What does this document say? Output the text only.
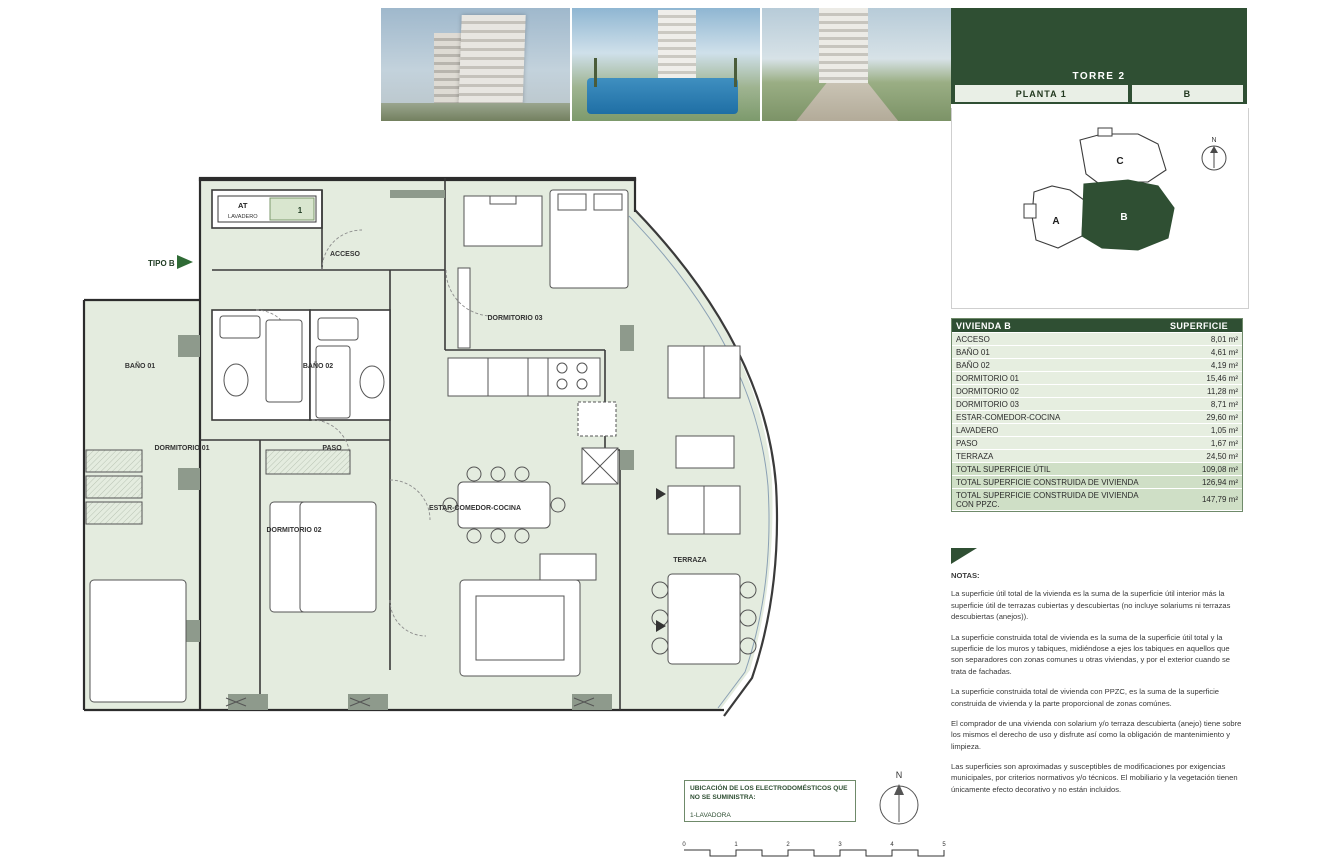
TORRE 2
PLANTA 1	B
C
A	B
N
VIVIENDA B	SUPERFICIE
ACCESO	8,01 m²
BAÑO 01	4,61 m²
BAÑO 02	4,19 m²
DORMITORIO 01	15,46 m²
DORMITORIO 02	11,28 m²
DORMITORIO 03	8,71 m²
ESTAR-COMEDOR-COCINA	29,60 m²
LAVADERO	1,05 m²
PASO	1,67 m²
TERRAZA	24,50 m²
TOTAL SUPERFICIE ÚTIL	109,08 m²
TOTAL SUPERFICIE CONSTRUIDA DE VIVIENDA	126,94 m²
TOTAL SUPERFICIE CONSTRUIDA DE VIVIENDA CON PPZC.	147,79 m²
NOTAS:

La superficie útil total de la vivienda es la suma de la superficie útil interior más la superficie útil de terrazas cubiertas y descubiertas (no incluye solariums ni terrazas descubiertas (anejos)).

La superficie construida total de vivienda es la suma de la superficie útil total y la superficie de los muros y tabiques, midiéndose a ejes los tabiques en aquellos que son separadores con zonas comunes u otras viviendas, y por el exterior cuando se trata de fachadas.

La superficie construida total de vivienda con PPZC, es la suma de la superficie construida de vivienda y la parte proporcional de zonas comúnes.

El comprador de una vivienda con solarium y/o terraza descubierta (anejo) tiene sobre los mismos el derecho de uso y disfrute así como la obligación de mantenimiento y limpieza.

Las superficies son aproximadas y susceptibles de modificaciones por exigencias municipales, por criterios normativos y/o técnicos. El mobiliario y la vegetación tienen únicamente efecto decorativo y no están incluidos.

UBICACIÓN DE LOS ELECTRODOMÉSTICOS QUE NO SE SUMINISTRA:
1-LAVADORA
N
0	1	2	3	4	5
1
AT
LAVADERO
ACCESO
DORMITORIO 03
BAÑO 01	BAÑO 02
DORMITORIO 01	PASO
DORMITORIO 02
ESTAR-COMEDOR-COCINA
TERRAZA
TIPO B
